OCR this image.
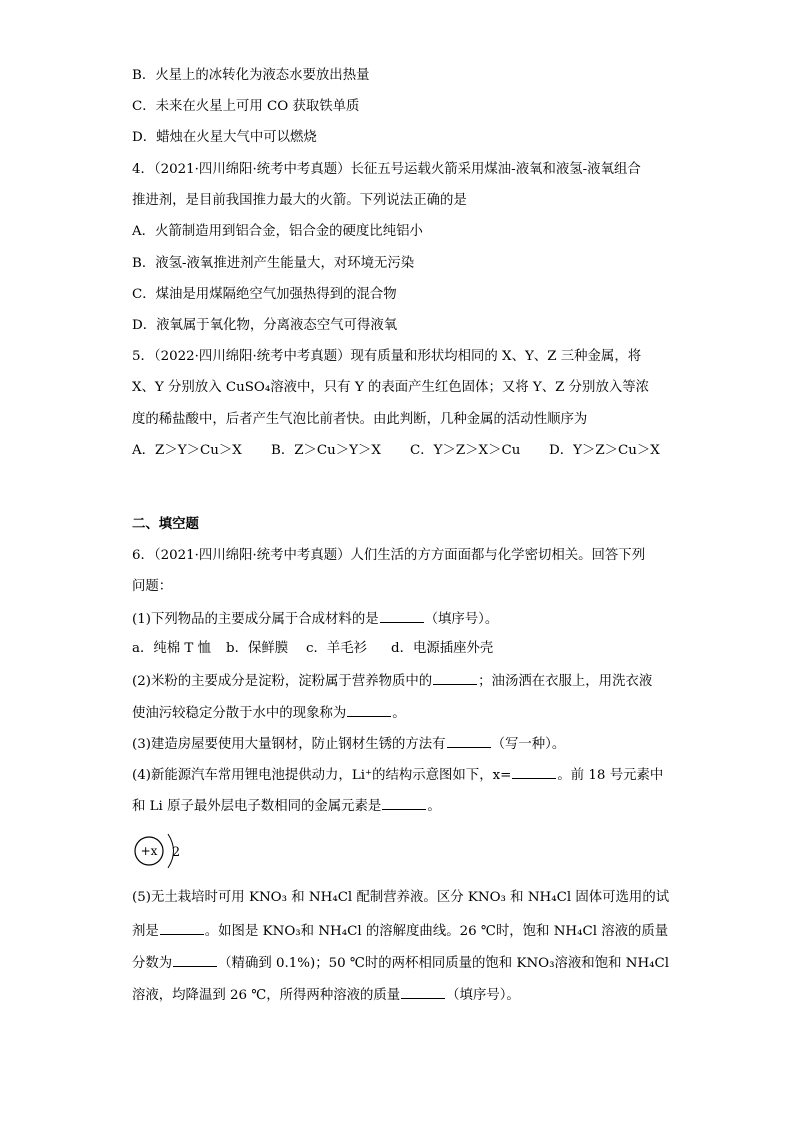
B．火星上的冰转化为液态水要放出热量
C．未来在火星上可用 CO 获取铁单质
D．蜡烛在火星大气中可以燃烧
4．（2021·四川绵阳·统考中考真题）长征五号运载火箭采用煤油-液氧和液氢-液氧组合
推进剂，是目前我国推力最大的火箭。下列说法正确的是
A．火箭制造用到铝合金，铝合金的硬度比纯铝小
B．液氢-液氧推进剂产生能量大，对环境无污染
C．煤油是用煤隔绝空气加强热得到的混合物
D．液氧属于氧化物，分离液态空气可得液氧
5．（2022·四川绵阳·统考中考真题）现有质量和形状均相同的 X、Y、Z 三种金属，将
X、Y 分别放入 CuSO₄溶液中，只有 Y 的表面产生红色固体；又将 Y、Z 分别放入等浓
度的稀盐酸中，后者产生气泡比前者快。由此判断，几种金属的活动性顺序为
A．Z＞Y＞Cu＞X B．Z＞Cu＞Y＞X C．Y＞Z＞X＞Cu D．Y＞Z＞Cu＞X
二、填空题
6．（2021·四川绵阳·统考中考真题）人们生活的方方面面都与化学密切相关。回答下列
问题：
(1)下列物品的主要成分属于合成材料的是	（填序号）。
a．纯棉 T 恤 b．保鲜膜 c．羊毛衫 d．电源插座外壳
(2)米粉的主要成分是淀粉，淀粉属于营养物质中的	；油汤洒在衣服上，用洗衣液
使油污较稳定分散于水中的现象称为	。
(3)建造房屋要使用大量钢材，防止钢材生锈的方法有	（写一种）。
(4)新能源汽车常用锂电池提供动力，Li⁺的结构示意图如下，x=	。前 18 号元素中
和 Li 原子最外层电子数相同的金属元素是	。
+x 2
(5)无土栽培时可用 KNO₃ 和 NH₄Cl 配制营养液。区分 KNO₃ 和 NH₄Cl 固体可选用的试
剂是	。如图是 KNO₃和 NH₄Cl 的溶解度曲线。26 ℃时，饱和 NH₄Cl 溶液的质量
分数为	（精确到 0.1%)；50 ℃时的两杯相同质量的饱和 KNO₃溶液和饱和 NH₄Cl
溶液，均降温到 26 ℃，所得两种溶液的质量	（填序号）。
